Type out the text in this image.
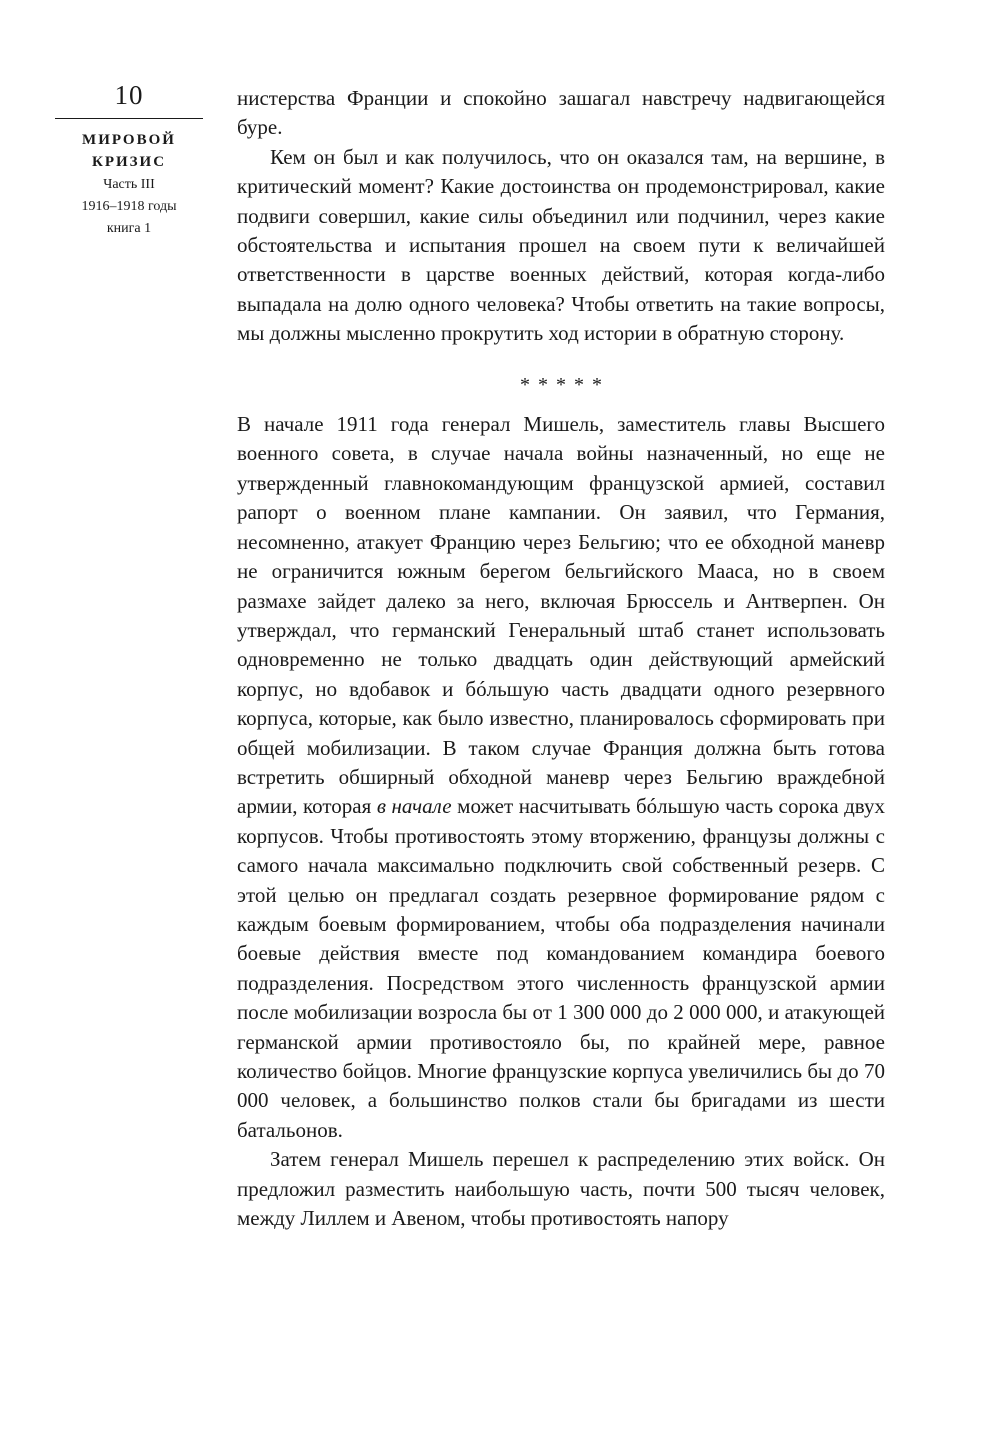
10
МИРОВОЙ
КРИЗИС
Часть III
1916–1918 годы
книга 1

нистерства Франции и спокойно зашагал навстречу надвигающейся буре.

Кем он был и как получилось, что он оказался там, на вершине, в критический момент? Какие достоинства он продемонстрировал, какие подвиги совершил, какие силы объединил или подчинил, через какие обстоятельства и испытания прошел на своем пути к величайшей ответственности в царстве военных действий, которая когда-либо выпадала на долю одного человека? Чтобы ответить на такие вопросы, мы должны мысленно прокрутить ход истории в обратную сторону.

*****

В начале 1911 года генерал Мишель, заместитель главы Высшего военного совета, в случае начала войны назначенный, но еще не утвержденный главнокомандующим французской армией, составил рапорт о военном плане кампании. Он заявил, что Германия, несомненно, атакует Францию через Бельгию; что ее обходной маневр не ограничится южным берегом бельгийского Мааса, но в своем размахе зайдет далеко за него, включая Брюссель и Антверпен. Он утверждал, что германский Генеральный штаб станет использовать одновременно не только двадцать один действующий армейский корпус, но вдобавок и бóльшую часть двадцати одного резервного корпуса, которые, как было известно, планировалось сформировать при общей мобилизации. В таком случае Франция должна быть готова встретить обширный обходной маневр через Бельгию враждебной армии, которая в начале может насчитывать бóльшую часть сорока двух корпусов. Чтобы противостоять этому вторжению, французы должны с самого начала максимально подключить свой собственный резерв. С этой целью он предлагал создать резервное формирование рядом с каждым боевым формированием, чтобы оба подразделения начинали боевые действия вместе под командованием командира боевого подразделения. Посредством этого численность французской армии после мобилизации возросла бы от 1 300 000 до 2 000 000, и атакующей германской армии противостояло бы, по крайней мере, равное количество бойцов. Многие французские корпуса увеличились бы до 70 000 человек, а большинство полков стали бы бригадами из шести батальонов.

Затем генерал Мишель перешел к распределению этих войск. Он предложил разместить наибольшую часть, почти 500 тысяч человек, между Лиллем и Авеном, чтобы противостоять напору
